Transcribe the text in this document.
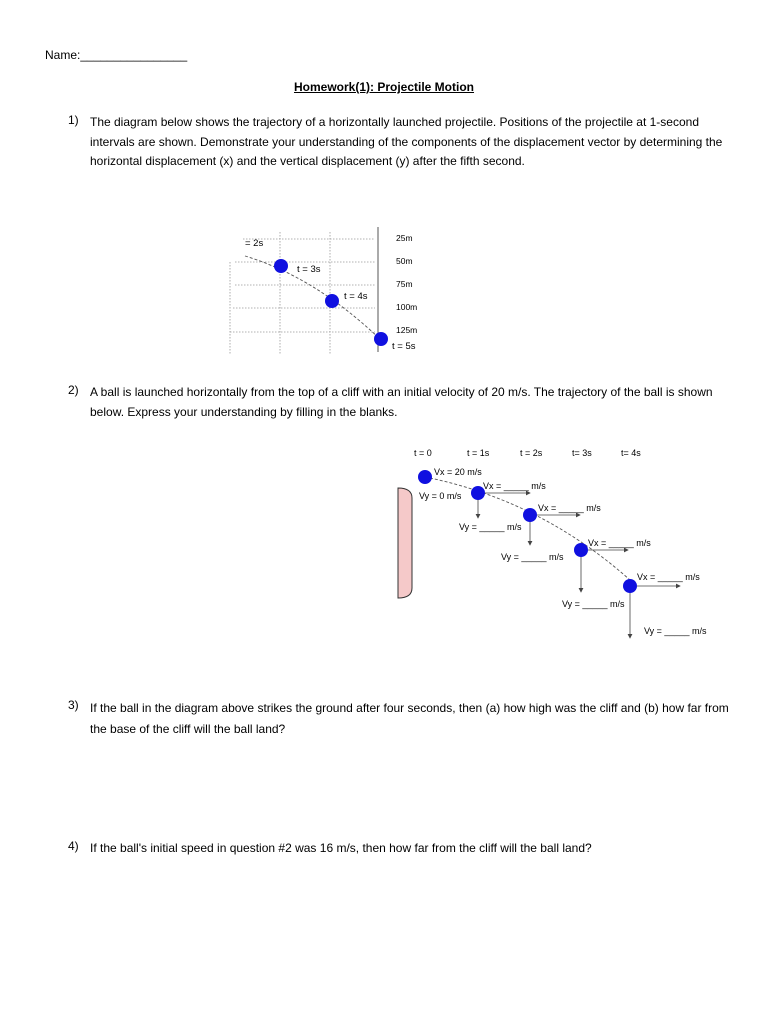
Name:________________
Homework(1): Projectile Motion
1) The diagram below shows the trajectory of a horizontally launched projectile. Positions of the projectile at 1-second intervals are shown. Demonstrate your understanding of the components of the displacement vector by determining the horizontal displacement (x) and the vertical displacement (y) after the fifth second.
= 2s
t = 3s
t = 4s
t = 5s
25m
50m
75m
100m
125m
2) A ball is launched horizontally from the top of a cliff with an initial velocity of 20 m/s. The trajectory of the ball is shown below. Express your understanding by filling in the blanks.
t = 0	t = 1s	t = 2s	t= 3s	t= 4s
Vx = 20 m/s
Vy = 0 m/s
Vx = _____ m/s
Vy = _____ m/s
Vx = _____ m/s
Vy = _____ m/s
Vx = _____ m/s
Vy = _____ m/s
Vx = _____ m/s
Vy = _____ m/s
3) If the ball in the diagram above strikes the ground after four seconds, then (a) how high was the cliff and (b) how far from the base of the cliff will the ball land?
4) If the ball's initial speed in question #2 was 16 m/s, then how far from the cliff will the ball land?
